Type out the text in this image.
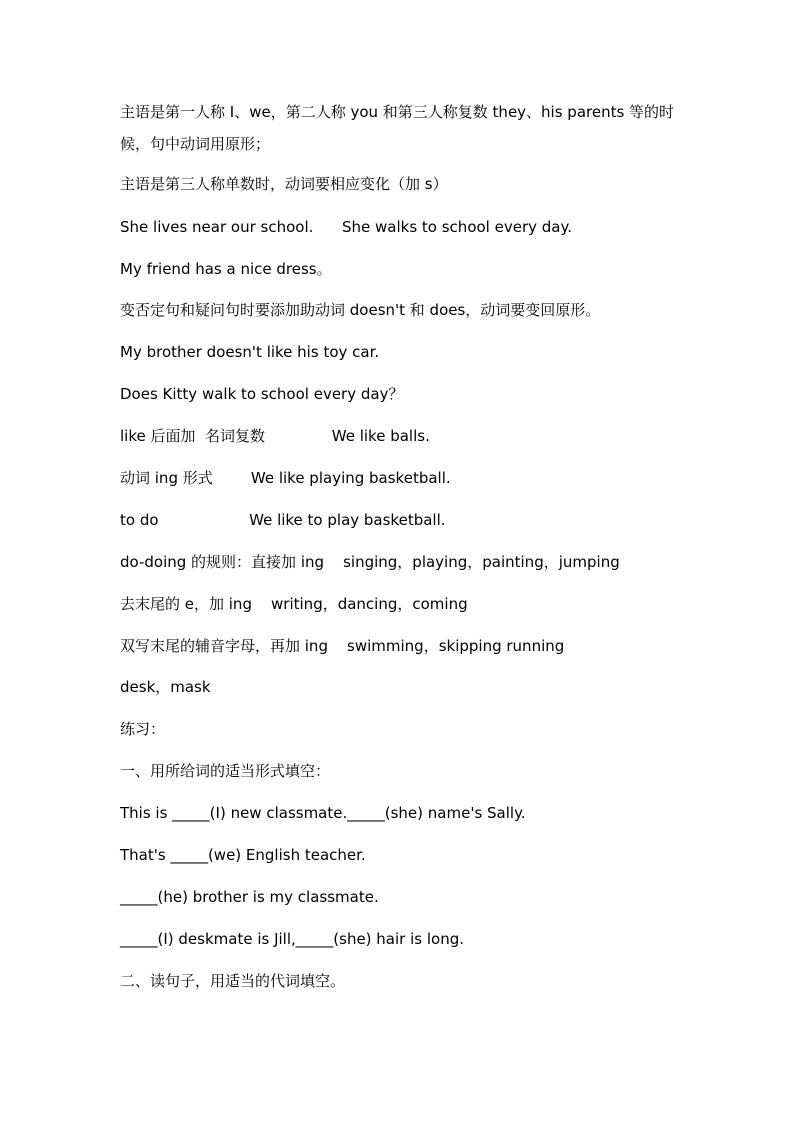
主语是第一人称 I、we，第二人称 you 和第三人称复数 they、his parents 等的时候，句中动词用原形；
主语是第三人称单数时，动词要相应变化（加 s）
She lives near our school.      She walks to school every day.
My friend has a nice dress。
变否定句和疑问句时要添加助动词 doesn't 和 does，动词要变回原形。
My brother doesn't like his toy car.
Does Kitty walk to school every day？
like 后面加  名词复数              We like balls.
动词 ing 形式        We like playing basketball.
to do                   We like to play basketball.
do-doing 的规则：直接加 ing    singing，playing，painting，jumping
去末尾的 e，加 ing    writing，dancing，coming
双写末尾的辅音字母，再加 ing    swimming，skipping running
desk，mask
练习：
一、用所给词的适当形式填空：
This is _____(I) new classmate._____(she) name's Sally.
That's _____(we) English teacher.
_____(he) brother is my classmate.
_____(I) deskmate is Jill,_____(she) hair is long.
二、读句子，用适当的代词填空。
